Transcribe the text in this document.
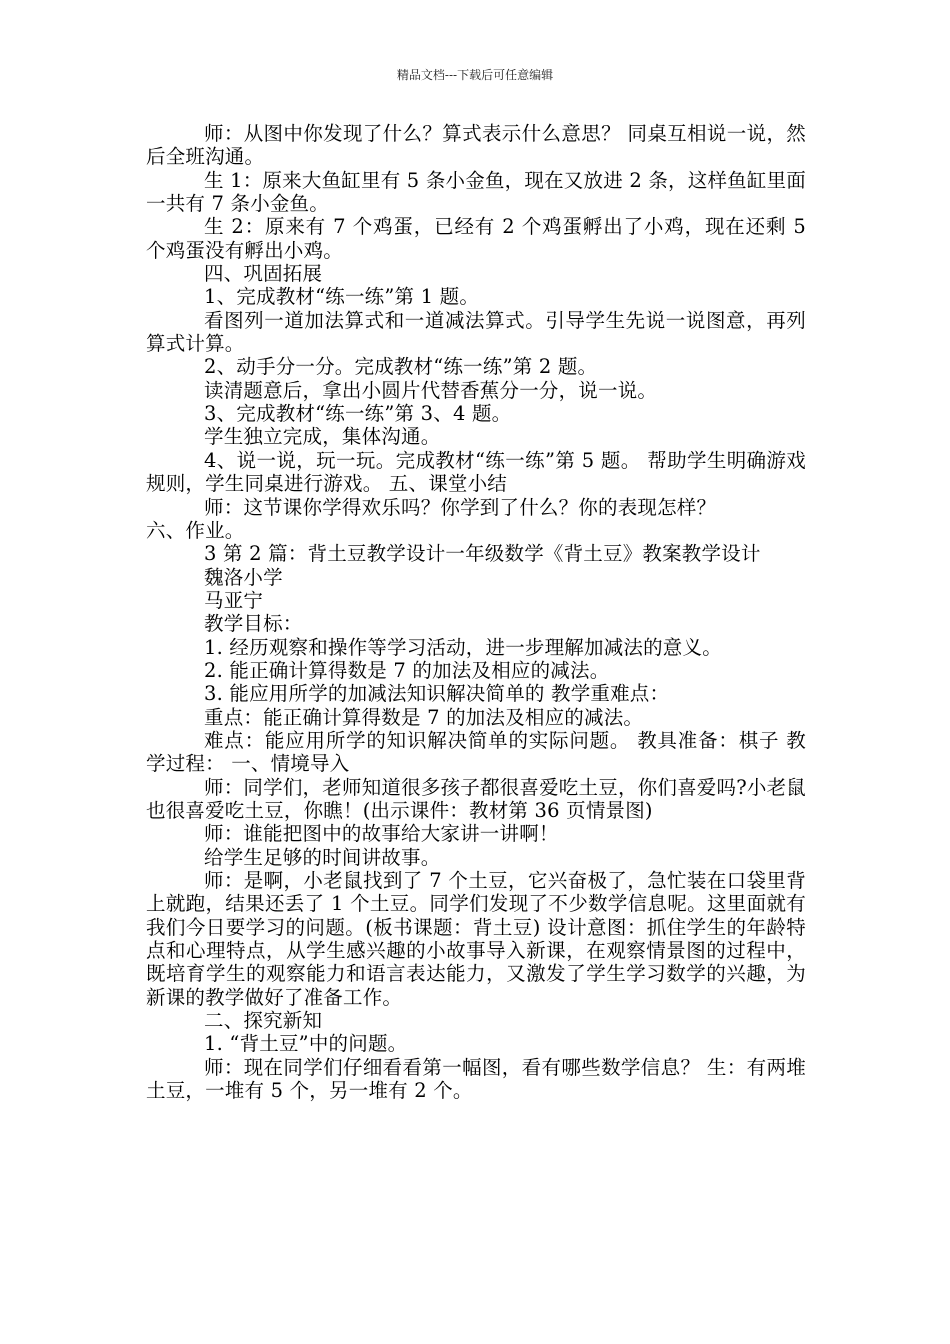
精品文档---下载后可任意编辑

师：从图中你发现了什么？算式表示什么意思？ 同桌互相说一说，然后全班沟通。

生 1：原来大鱼缸里有 5 条小金鱼，现在又放进 2 条，这样鱼缸里面一共有 7 条小金鱼。

生 2：原来有 7 个鸡蛋，已经有 2 个鸡蛋孵出了小鸡，现在还剩 5 个鸡蛋没有孵出小鸡。

四、巩固拓展

1、完成教材“练一练”第 1 题。

看图列一道加法算式和一道减法算式。引导学生先说一说图意，再列算式计算。

2、动手分一分。完成教材“练一练”第 2 题。

读清题意后，拿出小圆片代替香蕉分一分，说一说。

3、完成教材“练一练”第 3、4 题。

学生独立完成，集体沟通。

4、说一说，玩一玩。完成教材“练一练”第 5 题。 帮助学生明确游戏规则，学生同桌进行游戏。 五、课堂小结

师：这节课你学得欢乐吗？你学到了什么？你的表现怎样？

六、作业。

3 第 2 篇：背土豆教学设计一年级数学《背土豆》教案教学设计

魏洛小学

马亚宁

教学目标：

1. 经历观察和操作等学习活动，进一步理解加减法的意义。

2. 能正确计算得数是 7 的加法及相应的减法。

3. 能应用所学的加减法知识解决简单的 教学重难点：

重点：能正确计算得数是 7 的加法及相应的减法。

难点：能应用所学的知识解决简单的实际问题。 教具准备：棋子 教学过程： 一、情境导入

师：同学们，老师知道很多孩子都很喜爱吃土豆，你们喜爱吗?小老鼠也很喜爱吃土豆，你瞧！(出示课件：教材第 36 页情景图)

师：谁能把图中的故事给大家讲一讲啊！

给学生足够的时间讲故事。

师：是啊，小老鼠找到了 7 个土豆，它兴奋极了，急忙装在口袋里背上就跑，结果还丢了 1 个土豆。同学们发现了不少数学信息呢。这里面就有我们今日要学习的问题。(板书课题：背土豆) 设计意图：抓住学生的年龄特点和心理特点，从学生感兴趣的小故事导入新课，在观察情景图的过程中，既培育学生的观察能力和语言表达能力，又激发了学生学习数学的兴趣，为新课的教学做好了准备工作。

二、探究新知

1. “背土豆”中的问题。

师：现在同学们仔细看看第一幅图，看有哪些数学信息？ 生：有两堆土豆，一堆有 5 个，另一堆有 2 个。
